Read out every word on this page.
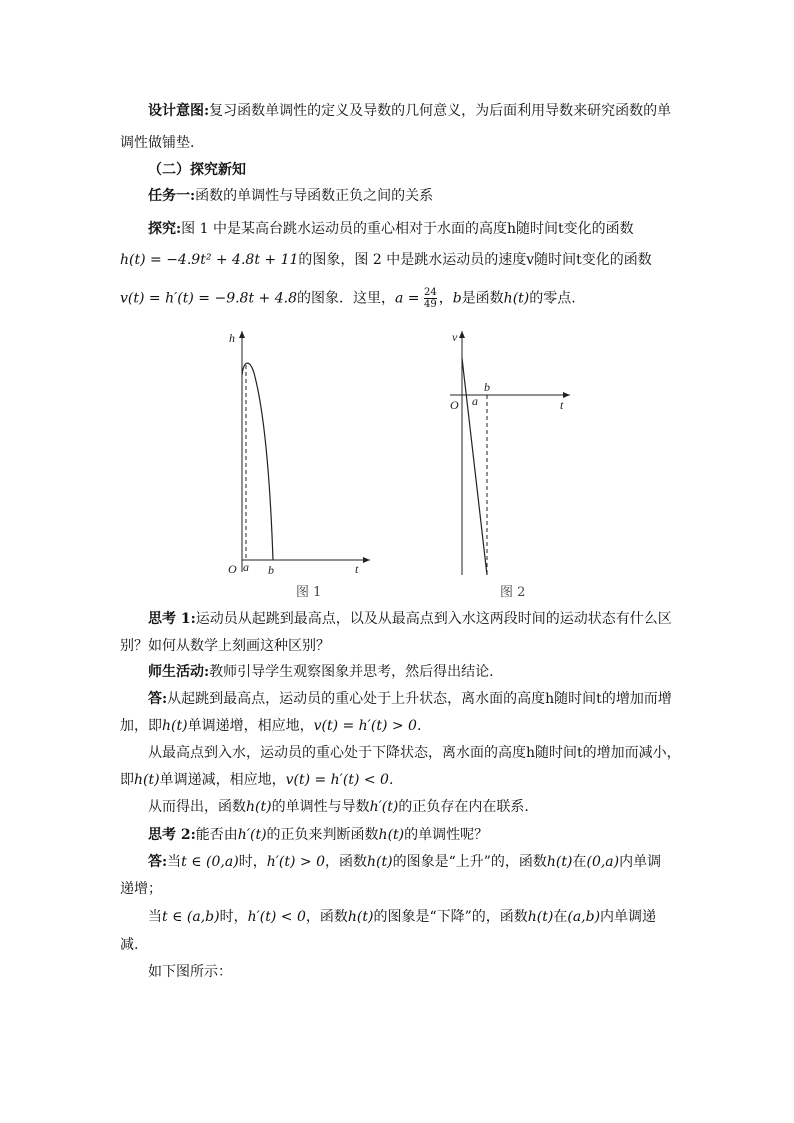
设计意图:复习函数单调性的定义及导数的几何意义，为后面利用导数来研究函数的单
调性做铺垫.
（二）探究新知
任务一:函数的单调性与导函数正负之间的关系
探究:图 1 中是某高台跳水运动员的重心相对于水面的高度h随时间t变化的函数
h(t) = −4.9t² + 4.8t + 11的图象，图 2 中是跳水运动员的速度v随时间t变化的函数
v(t) = h′(t) = −9.8t + 4.8的图象．这里，$a = \frac{24}{49}$ ，b是函数h(t)的零点.
h
t
O a b
图 1
v
t
O a
b
图 2
思考 1:运动员从起跳到最高点，以及从最高点到入水这两段时间的运动状态有什么区
别？如何从数学上刻画这种区别？
师生活动:教师引导学生观察图象并思考，然后得出结论.
答:从起跳到最高点，运动员的重心处于上升状态，离水面的高度h随时间t的增加而增
加，即h(t)单调递增，相应地，v(t) = h′(t) > 0.
从最高点到入水，运动员的重心处于下降状态，离水面的高度h随时间t的增加而减小，
即h(t)单调递减，相应地，v(t) = h′(t) < 0.
从而得出，函数h(t)的单调性与导数h′(t)的正负存在内在联系.
思考 2:能否由h′(t)的正负来判断函数h(t)的单调性呢？
答:当t ∈ (0,a)时，h′(t) > 0，函数h(t)的图象是“上升”的，函数h(t)在(0,a)内单调
递增；
当t ∈ (a,b)时，h′(t) < 0，函数h(t)的图象是“下降”的，函数h(t)在(a,b)内单调递
减.
如下图所示：
